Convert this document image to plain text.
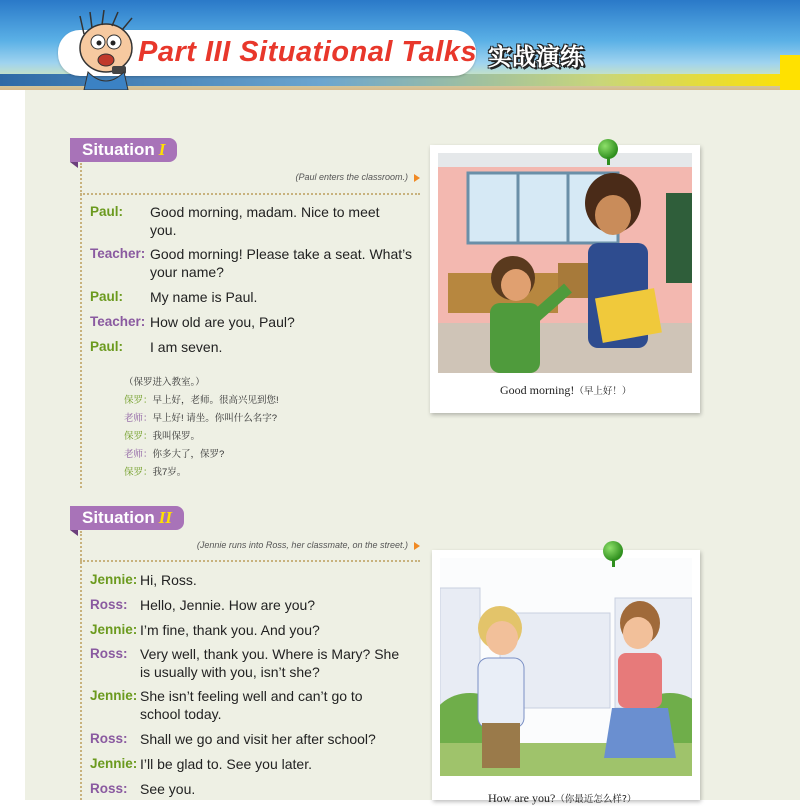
Part III Situational Talks 实战演练
Situation I
(Paul enters the classroom.)
Paul: Good morning, madam. Nice to meet
you.
Teacher: Good morning! Please take a seat. What’s
your name?
Paul: My name is Paul.
Teacher: How old are you, Paul?
Paul: I am seven.
（保罗进入教室。）
保罗：早上好，老师。很高兴见到您!
老师：早上好! 请坐。你叫什么名字?
保罗：我叫保罗。
老师：你多大了，保罗?
保罗：我7岁。
Good morning!（早上好！）
Situation II
(Jennie runs into Ross, her classmate, on the street.)
Jennie: Hi, Ross.
Ross: Hello, Jennie. How are you?
Jennie: I’m fine, thank you. And you?
Ross: Very well, thank you. Where is Mary? She
is usually with you, isn’t she?
Jennie: She isn’t feeling well and can’t go to
school today.
Ross: Shall we go and visit her after school?
Jennie: I’ll be glad to. See you later.
Ross: See you.
How are you?（你最近怎么样?）
